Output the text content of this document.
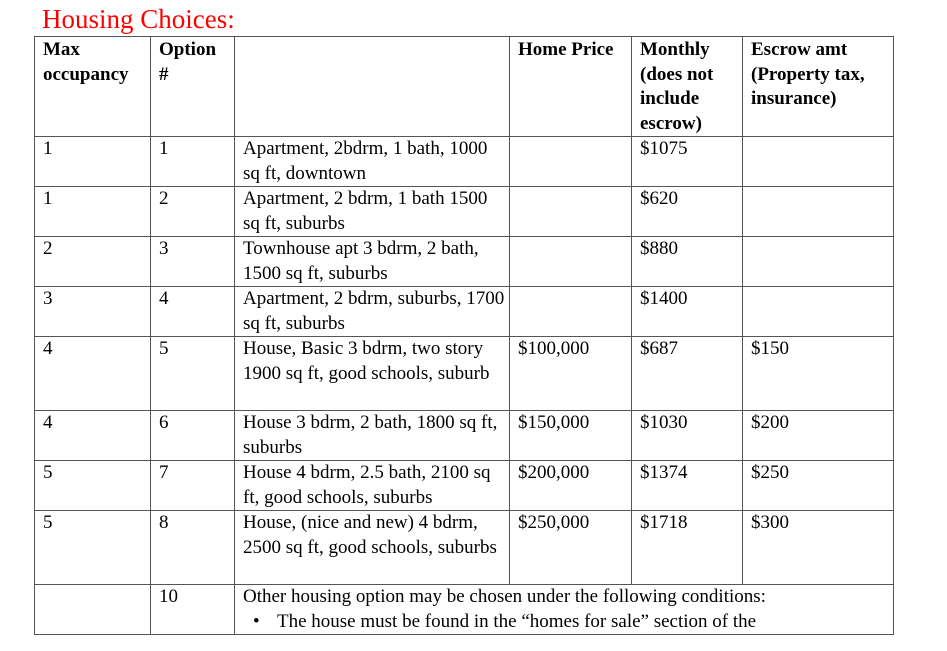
Housing Choices:
Max occupancy	Option #		Home Price	Monthly (does not include escrow)	Escrow amt (Property tax, insurance)
1	1	Apartment, 2bdrm, 1 bath, 1000 sq ft, downtown		$1075	
1	2	Apartment, 2 bdrm, 1 bath 1500 sq ft, suburbs		$620	
2	3	Townhouse apt 3 bdrm, 2 bath, 1500 sq ft, suburbs		$880	
3	4	Apartment, 2 bdrm, suburbs, 1700 sq ft, suburbs		$1400	
4	5	House, Basic 3 bdrm, two story 1900 sq ft, good schools, suburb	$100,000	$687	$150
4	6	House 3 bdrm, 2 bath, 1800 sq ft, suburbs	$150,000	$1030	$200
5	7	House 4 bdrm, 2.5 bath, 2100 sq ft, good schools, suburbs	$200,000	$1374	$250
5	8	House, (nice and new) 4 bdrm, 2500 sq ft, good schools, suburbs	$250,000	$1718	$300
	10	Other housing option may be chosen under the following conditions:
• The house must be found in the “homes for sale” section of the			
